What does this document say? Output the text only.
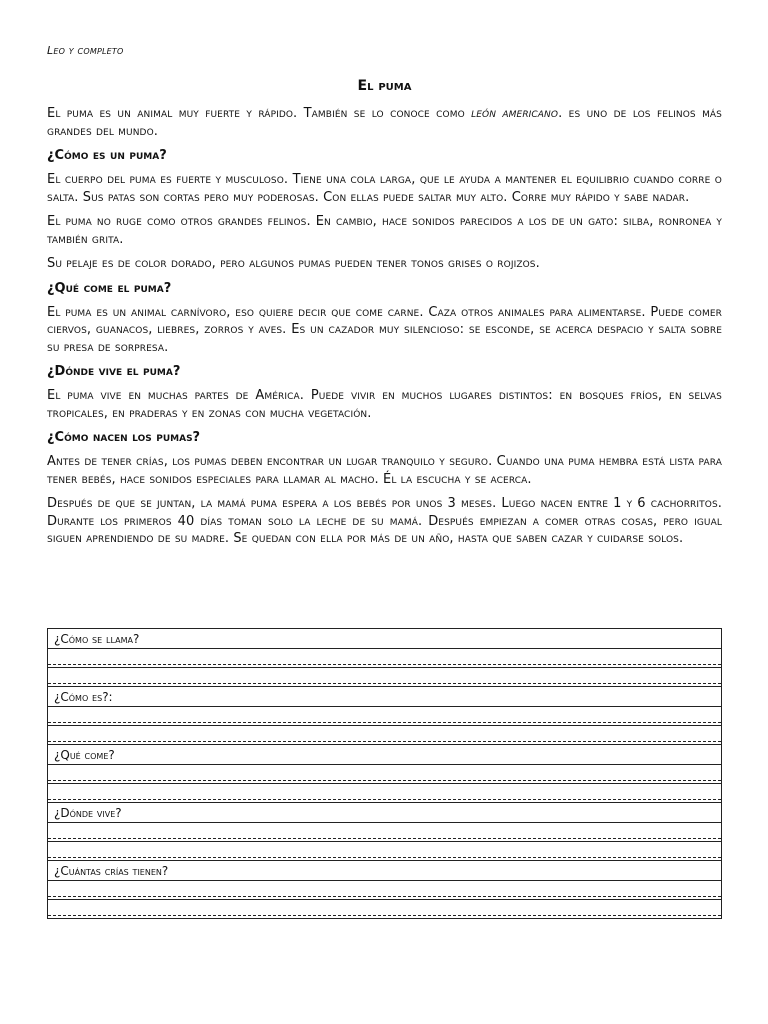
Leo y completo
El puma

El puma es un animal muy fuerte y rápido. También se lo conoce como león americano. es uno de los felinos más grandes del mundo.

¿Cómo es un puma?

El cuerpo del puma es fuerte y musculoso. Tiene una cola larga, que le ayuda a mantener el equilibrio cuando corre o salta. Sus patas son cortas pero muy poderosas. Con ellas puede saltar muy alto. Corre muy rápido y sabe nadar.

El puma no ruge como otros grandes felinos. En cambio, hace sonidos parecidos a los de un gato: silba, ronronea y también grita.

Su pelaje es de color dorado, pero algunos pumas pueden tener tonos grises o rojizos.

¿Qué come el puma?

El puma es un animal carnívoro, eso quiere decir que come carne. Caza otros animales para alimentarse. Puede comer ciervos, guanacos, liebres, zorros y aves. Es un cazador muy silencioso: se esconde, se acerca despacio y salta sobre su presa de sorpresa.

¿Dónde vive el puma?

El puma vive en muchas partes de América. Puede vivir en muchos lugares distintos: en bosques fríos, en selvas tropicales, en praderas y en zonas con mucha vegetación.

¿Cómo nacen los pumas?

Antes de tener crías, los pumas deben encontrar un lugar tranquilo y seguro. Cuando una puma hembra está lista para tener bebés, hace sonidos especiales para llamar al macho. Él la escucha y se acerca.

Después de que se juntan, la mamá puma espera a los bebés por unos 3 meses. Luego nacen entre 1 y 6 cachorritos. Durante los primeros 40 días toman solo la leche de su mamá. Después empiezan a comer otras cosas, pero igual siguen aprendiendo de su madre. Se quedan con ella por más de un año, hasta que saben cazar y cuidarse solos.

¿Cómo se llama?
¿Cómo es?:
¿Qué come?
¿Dónde vive?
¿Cuántas crías tienen?
